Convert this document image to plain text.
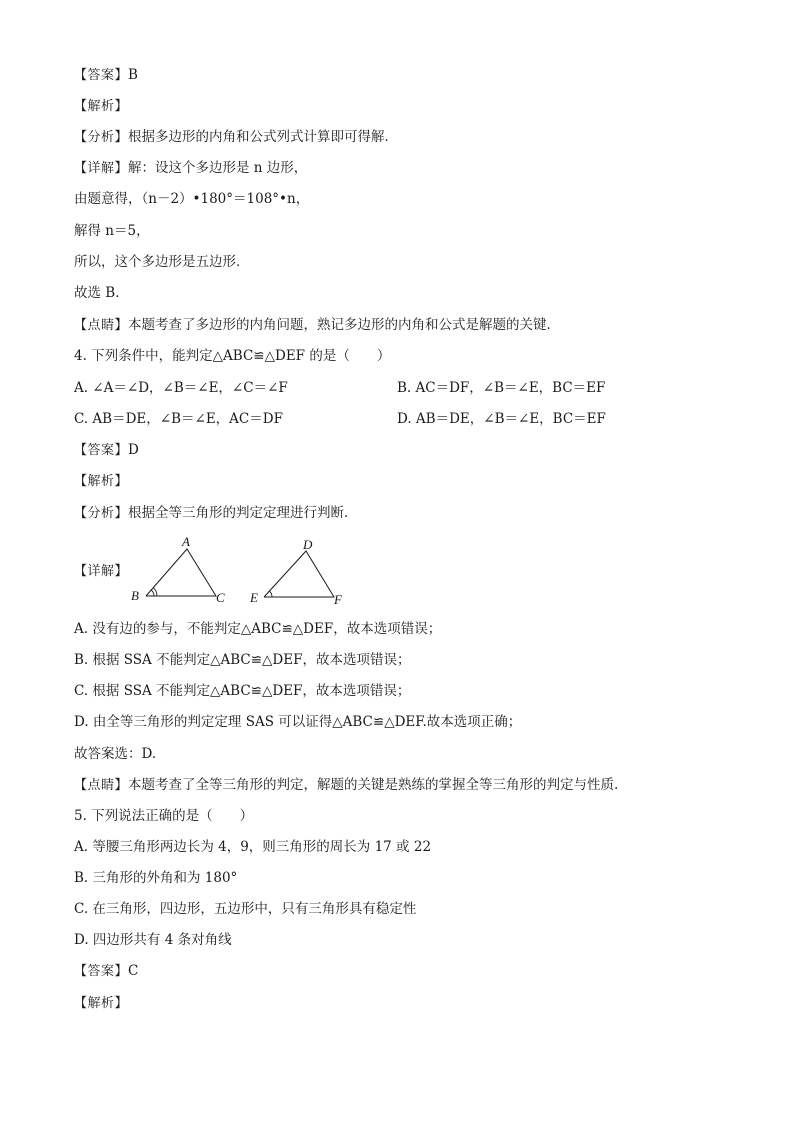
【答案】B
【解析】
【分析】根据多边形的内角和公式列式计算即可得解．
【详解】解：设这个多边形是 n 边形，
由题意得，（n－2）•180°＝108°•n，
解得 n＝5，
所以，这个多边形是五边形．
故选 B．
【点睛】本题考查了多边形的内角问题，熟记多边形的内角和公式是解题的关键．
4. 下列条件中，能判定△ABC≌△DEF 的是（　　）
A. ∠A＝∠D，∠B＝∠E，∠C＝∠F	B. AC＝DF，∠B＝∠E，BC＝EF
C. AB＝DE，∠B＝∠E，AC＝DF	D. AB＝DE，∠B＝∠E，BC＝EF
【答案】D
【解析】
【分析】根据全等三角形的判定定理进行判断．
【详解】
A
B	C
D
E	F
A. 没有边的参与，不能判定△ABC≌△DEF，故本选项错误；
B. 根据 SSA 不能判定△ABC≌△DEF，故本选项错误；
C. 根据 SSA 不能判定△ABC≌△DEF，故本选项错误；
D. 由全等三角形的判定定理 SAS 可以证得△ABC≌△DEF.故本选项正确；
故答案选：D.
【点睛】本题考查了全等三角形的判定，解题的关键是熟练的掌握全等三角形的判定与性质.
5. 下列说法正确的是（　　）
A. 等腰三角形两边长为 4，9，则三角形的周长为 17 或 22
B. 三角形的外角和为 180°
C. 在三角形，四边形，五边形中，只有三角形具有稳定性
D. 四边形共有 4 条对角线
【答案】C
【解析】
